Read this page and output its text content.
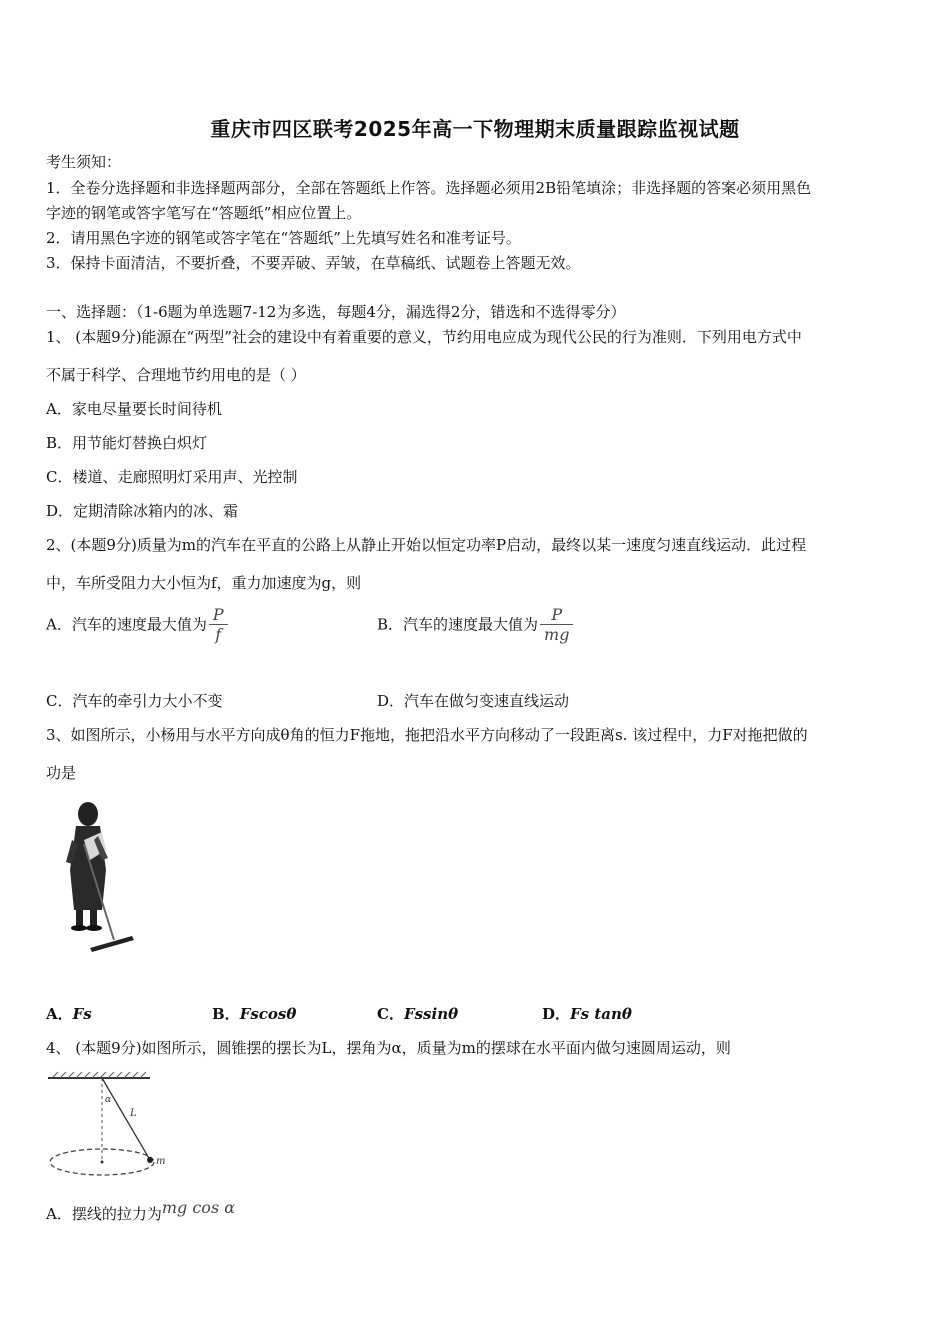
重庆市四区联考2025年高一下物理期末质量跟踪监视试题
考生须知：
1．全卷分选择题和非选择题两部分，全部在答题纸上作答。选择题必须用2B铅笔填涂；非选择题的答案必须用黑色
字迹的钢笔或答字笔写在“答题纸”相应位置上。
2．请用黑色字迹的钢笔或答字笔在“答题纸”上先填写姓名和准考证号。
3．保持卡面清洁，不要折叠，不要弄破、弄皱，在草稿纸、试题卷上答题无效。
一、选择题：（1-6题为单选题7-12为多选，每题4分，漏选得2分，错选和不选得零分）
1、 (本题9分)能源在“两型”社会的建设中有着重要的意义，节约用电应成为现代公民的行为准则．下列用电方式中
不属于科学、合理地节约用电的是（ ）
A．家电尽量要长时间待机
B．用节能灯替换白炽灯
C．楼道、走廊照明灯采用声、光控制
D．定期清除冰箱内的冰、霜
2、(本题9分)质量为m的汽车在平直的公路上从静止开始以恒定功率P启动，最终以某一速度匀速直线运动．此过程
中，车所受阻力大小恒为f，重力加速度为g，则
A．汽车的速度最大值为 $\frac{P}{f}$	B．汽车的速度最大值为 $\frac{P}{mg}$
C．汽车的牵引力大小不变	D．汽车在做匀变速直线运动
3、如图所示，小杨用与水平方向成θ角的恒力F拖地，拖把沿水平方向移动了一段距离s. 该过程中，力F对拖把做的
功是
A．Fs	B．Fscosθ	C．Fssinθ	D．Fs tanθ
4、 (本题9分)如图所示，圆锥摆的摆长为L，摆角为α，质量为m的摆球在水平面内做匀速圆周运动，则
α
L
m
A．摆线的拉力为mg cos α
